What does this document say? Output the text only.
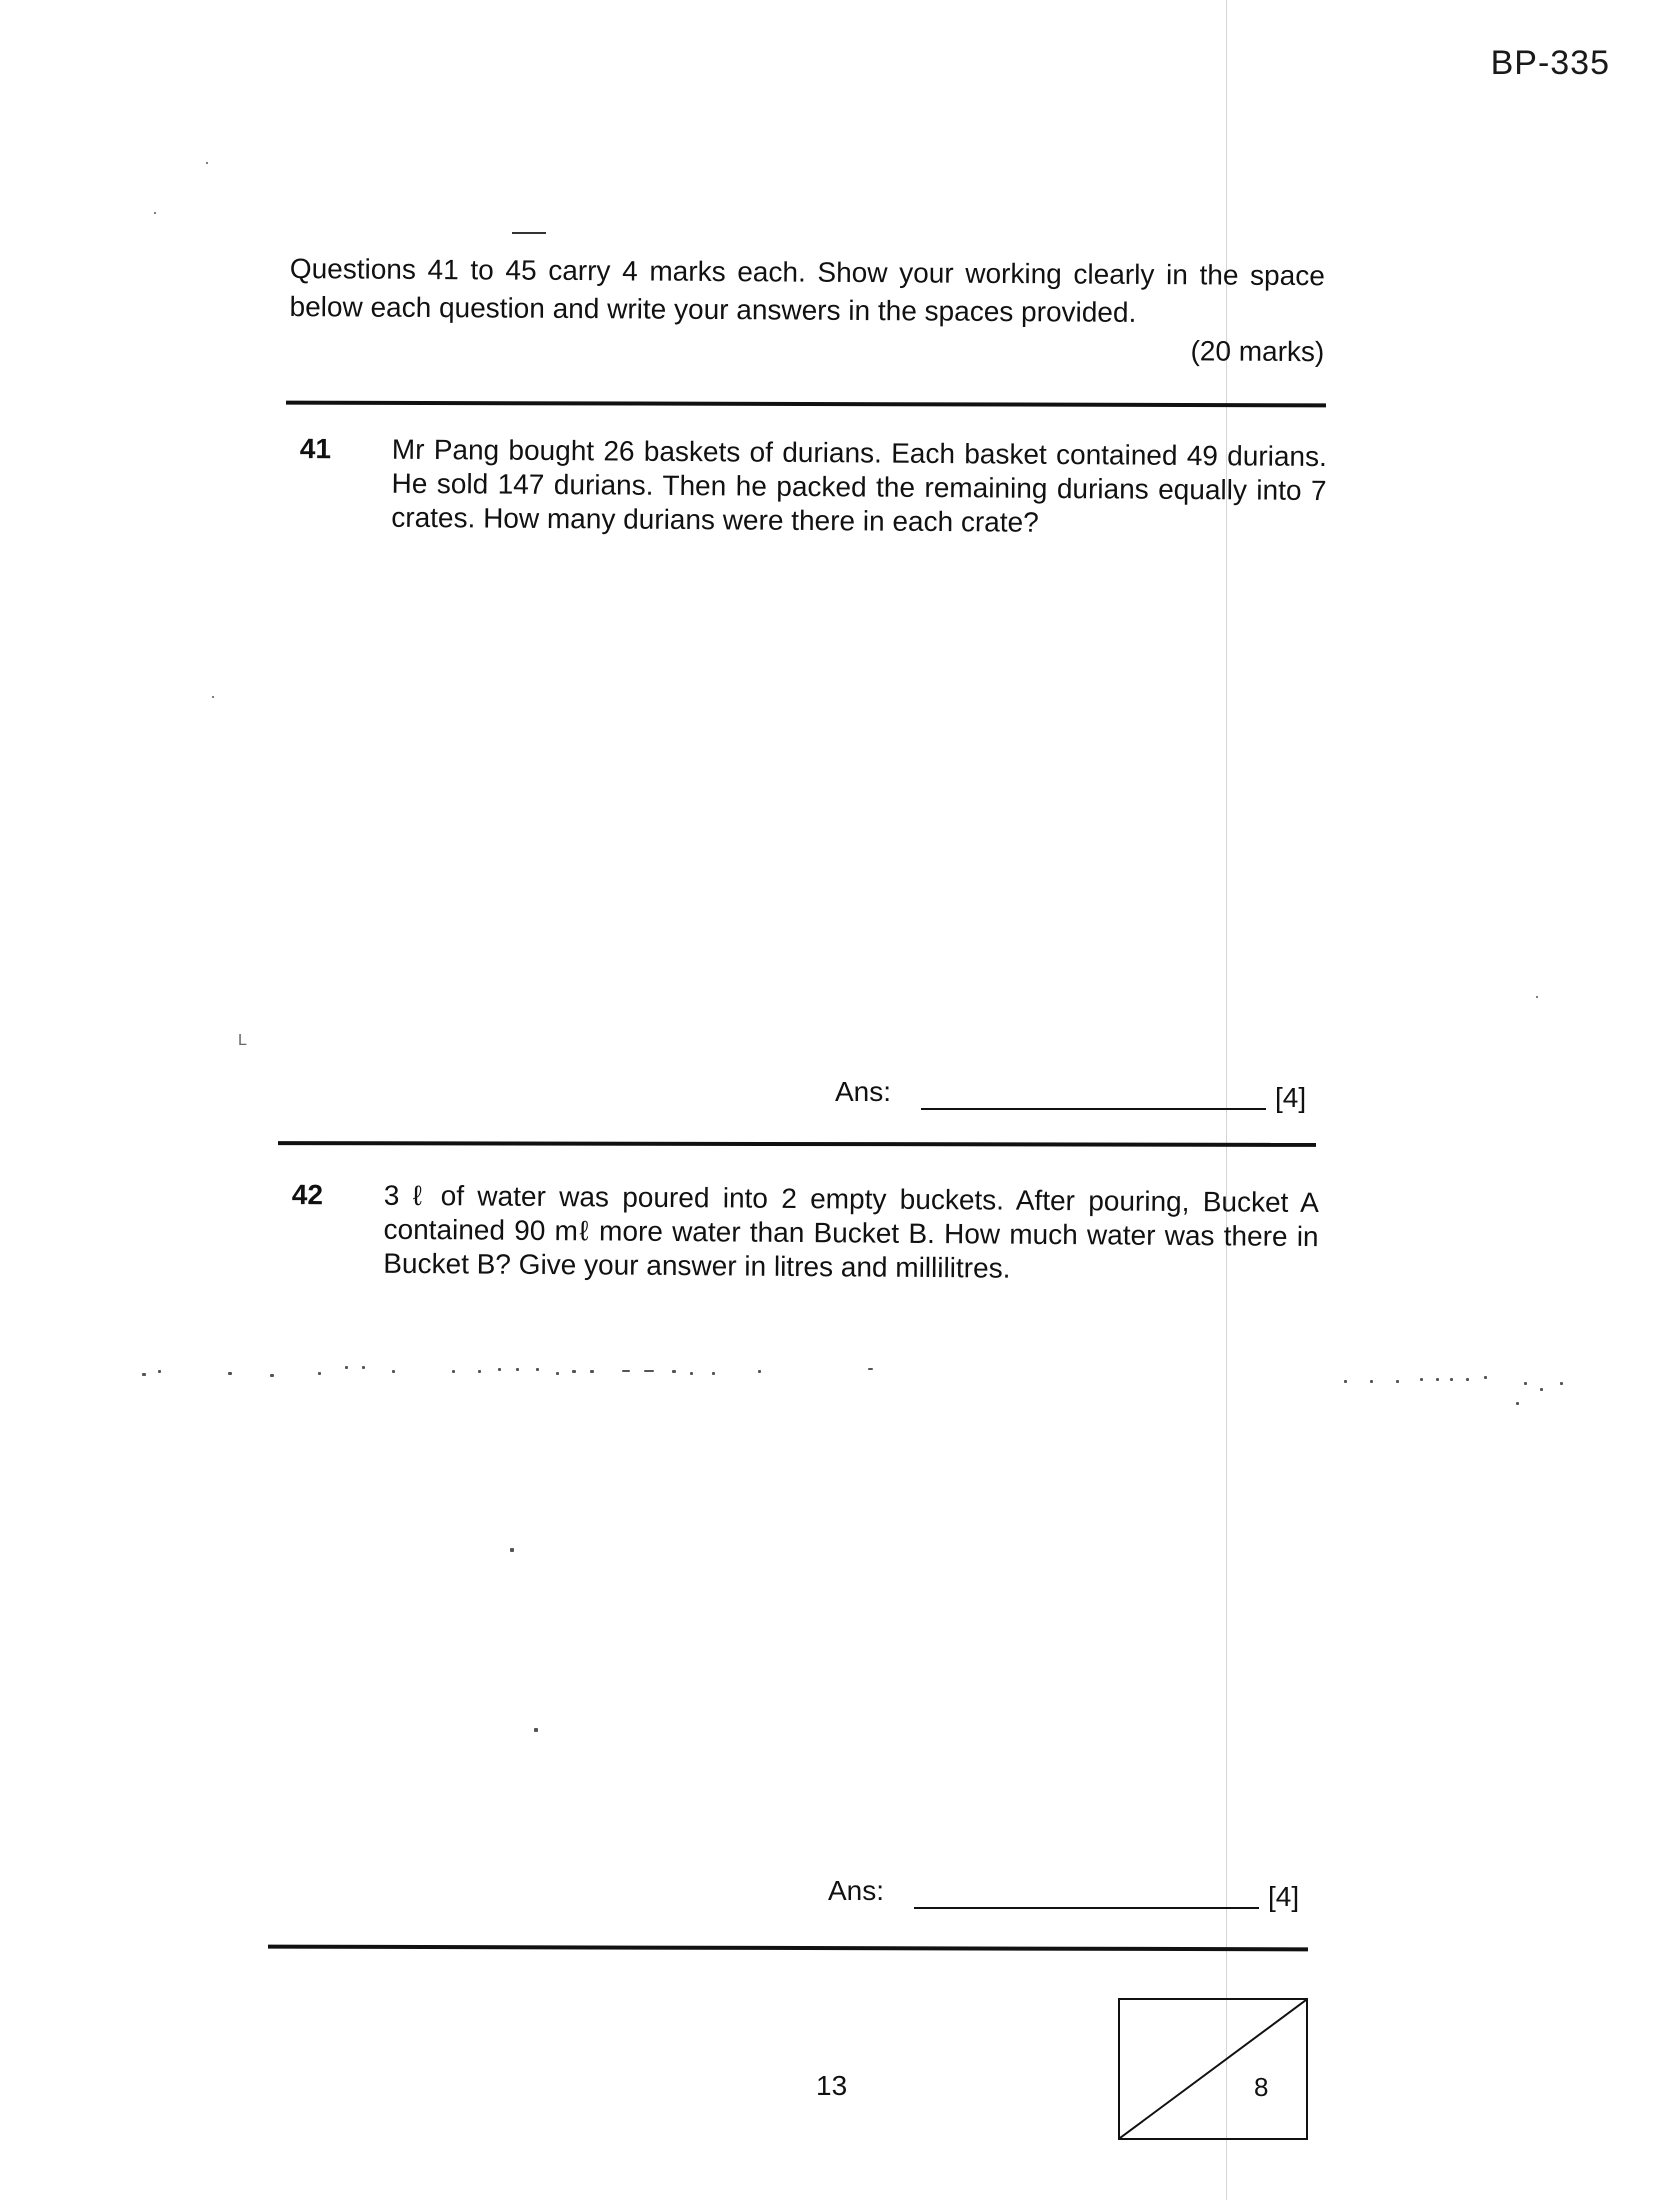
BP-335
Questions 41 to 45 carry 4 marks each. Show your working clearly in the space below each question and write your answers in the spaces provided.
(20 marks)
41	Mr Pang bought 26 baskets of durians. Each basket contained 49 durians. He sold 147 durians. Then he packed the remaining durians equally into 7 crates. How many durians were there in each crate?
Ans:	[4]
42	3 ℓ of water was poured into 2 empty buckets. After pouring, Bucket A contained 90 mℓ more water than Bucket B. How much water was there in Bucket B? Give your answer in litres and millilitres.
Ans:	[4]
13	8
L
